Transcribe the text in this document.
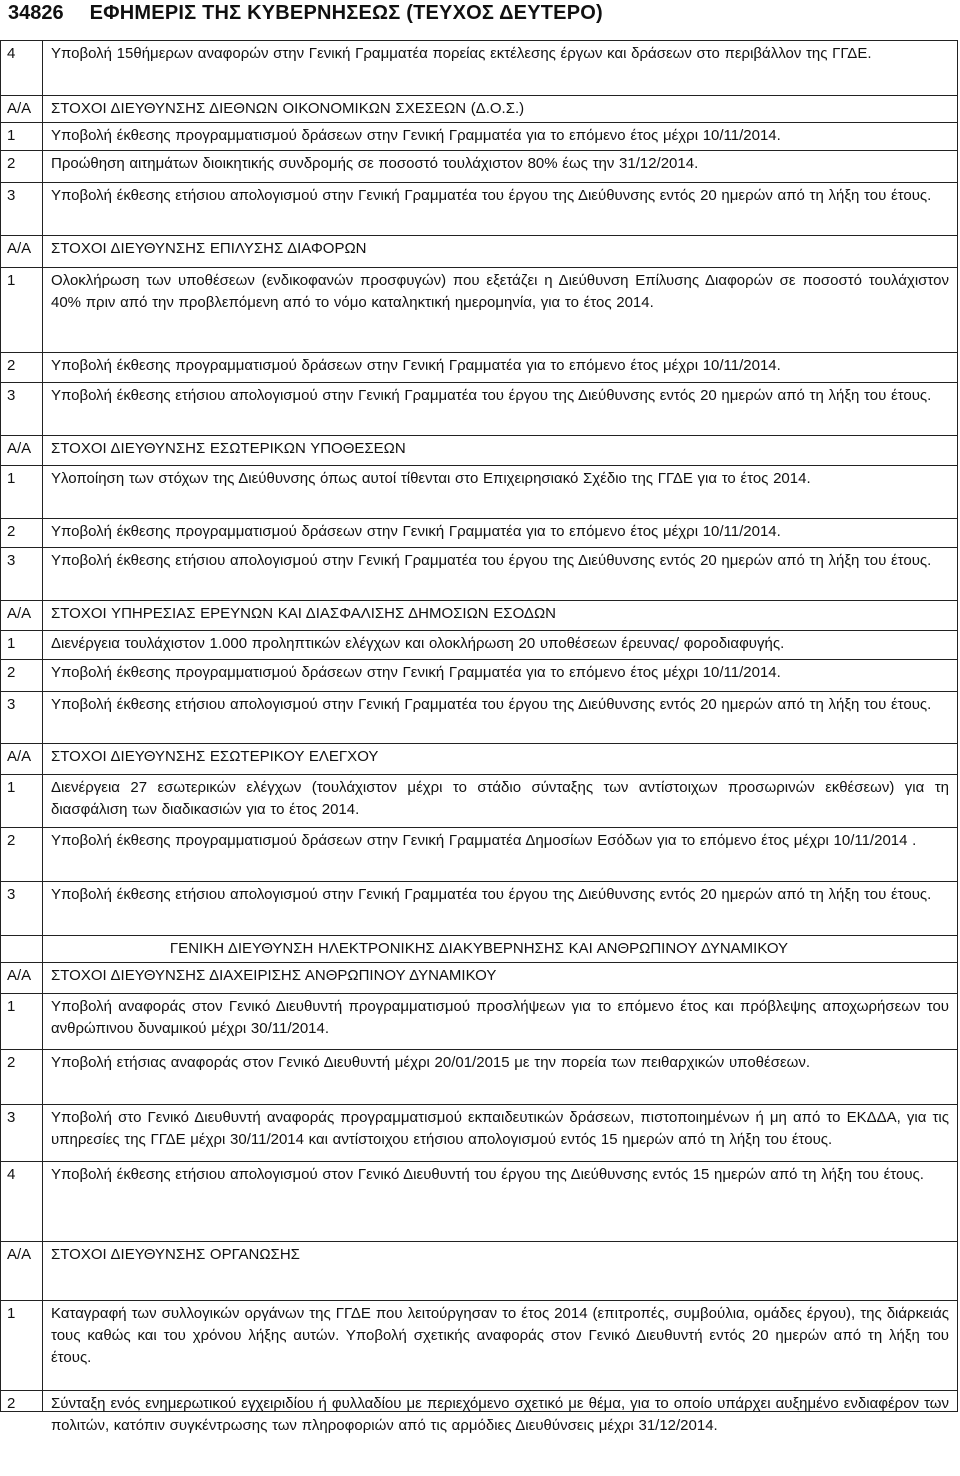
34826 ΕΦΗΜΕΡΙΣ ΤΗΣ ΚΥΒΕΡΝΗΣΕΩΣ (ΤΕΥΧΟΣ ΔΕΥΤΕΡΟ)
4	Υποβολή 15θήμερων αναφορών στην Γενική Γραμματέα πορείας εκτέλεσης έργων και δράσεων στο περιβάλλον της ΓΓΔΕ.
Α/Α	ΣΤΟΧΟΙ ΔΙΕΥΘΥΝΣΗΣ ΔΙΕΘΝΩΝ ΟΙΚΟΝΟΜΙΚΩΝ ΣΧΕΣΕΩΝ (Δ.Ο.Σ.)
1	Υποβολή έκθεσης προγραμματισμού δράσεων στην Γενική Γραμματέα για το επόμενο έτος μέχρι 10/11/2014.
2	Προώθηση αιτημάτων διοικητικής συνδρομής σε ποσοστό τουλάχιστον 80% έως την 31/12/2014.
3	Υποβολή έκθεσης ετήσιου απολογισμού στην Γενική Γραμματέα του έργου της Διεύθυνσης εντός 20 ημερών από τη λήξη του έτους.
Α/Α	ΣΤΟΧΟΙ ΔΙΕΥΘΥΝΣΗΣ ΕΠΙΛΥΣΗΣ ΔΙΑΦΟΡΩΝ
1	Ολοκλήρωση των υποθέσεων (ενδικοφανών προσφυγών) που εξετάζει η Διεύθυνση Επίλυσης Διαφορών σε ποσοστό τουλάχιστον 40% πριν από την προβλεπόμενη από το νόμο καταληκτική ημερομηνία, για το έτος 2014.
2	Υποβολή έκθεσης προγραμματισμού δράσεων στην Γενική Γραμματέα για το επόμενο έτος μέχρι 10/11/2014.
3	Υποβολή έκθεσης ετήσιου απολογισμού στην Γενική Γραμματέα του έργου της Διεύθυνσης εντός 20 ημερών από τη λήξη του έτους.
Α/Α	ΣΤΟΧΟΙ ΔΙΕΥΘΥΝΣΗΣ ΕΣΩΤΕΡΙΚΩΝ ΥΠΟΘΕΣΕΩΝ
1	Υλοποίηση των στόχων της Διεύθυνσης όπως αυτοί τίθενται στο Επιχειρησιακό Σχέδιο της ΓΓΔΕ για το έτος 2014.
2	Υποβολή έκθεσης προγραμματισμού δράσεων στην Γενική Γραμματέα για το επόμενο έτος μέχρι 10/11/2014.
3	Υποβολή έκθεσης ετήσιου απολογισμού στην Γενική Γραμματέα του έργου της Διεύθυνσης εντός 20 ημερών από τη λήξη του έτους.
Α/Α	ΣΤΟΧΟΙ ΥΠΗΡΕΣΙΑΣ ΕΡΕΥΝΩΝ ΚΑΙ ΔΙΑΣΦΑΛΙΣΗΣ ΔΗΜΟΣΙΩΝ ΕΣΟΔΩΝ
1	Διενέργεια τουλάχιστον 1.000 προληπτικών ελέγχων και ολοκλήρωση 20 υποθέσεων έρευνας/ φοροδιαφυγής.
2	Υποβολή έκθεσης προγραμματισμού δράσεων στην Γενική Γραμματέα για το επόμενο έτος μέχρι 10/11/2014.
3	Υποβολή έκθεσης ετήσιου απολογισμού στην Γενική Γραμματέα του έργου της Διεύθυνσης εντός 20 ημερών από τη λήξη του έτους.
Α/Α	ΣΤΟΧΟΙ ΔΙΕΥΘΥΝΣΗΣ ΕΣΩΤΕΡΙΚΟΥ ΕΛΕΓΧΟΥ
1	Διενέργεια 27 εσωτερικών ελέγχων (τουλάχιστον μέχρι το στάδιο σύνταξης των αντίστοιχων προσωρινών εκθέσεων) για τη διασφάλιση των διαδικασιών για το έτος 2014.
2	Υποβολή έκθεσης προγραμματισμού δράσεων στην Γενική Γραμματέα Δημοσίων Εσόδων για το επόμενο έτος μέχρι 10/11/2014 .
3	Υποβολή έκθεσης ετήσιου απολογισμού στην Γενική Γραμματέα του έργου της Διεύθυνσης εντός 20 ημερών από τη λήξη του έτους.
ΓΕΝΙΚΗ ΔΙΕΥΘΥΝΣΗ ΗΛΕΚΤΡΟΝΙΚΗΣ ΔΙΑΚΥΒΕΡΝΗΣΗΣ ΚΑΙ ΑΝΘΡΩΠΙΝΟΥ ΔΥΝΑΜΙΚΟΥ
Α/Α	ΣΤΟΧΟΙ ΔΙΕΥΘΥΝΣΗΣ ΔΙΑΧΕΙΡΙΣΗΣ ΑΝΘΡΩΠΙΝΟΥ ΔΥΝΑΜΙΚΟΥ
1	Υποβολή αναφοράς στον Γενικό Διευθυντή προγραμματισμού προσλήψεων για το επόμενο έτος και πρόβλεψης αποχωρήσεων του ανθρώπινου δυναμικού μέχρι 30/11/2014.
2	Υποβολή ετήσιας αναφοράς στον Γενικό Διευθυντή μέχρι 20/01/2015 με την πορεία των πειθαρχικών υποθέσεων.
3	Υποβολή στο Γενικό Διευθυντή αναφοράς προγραμματισμού εκπαιδευτικών δράσεων, πιστοποιημένων ή μη από το ΕΚΔΔΑ, για τις υπηρεσίες της ΓΓΔΕ μέχρι 30/11/2014 και αντίστοιχου ετήσιου απολογισμού εντός 15 ημερών από τη λήξη του έτους.
4	Υποβολή έκθεσης ετήσιου απολογισμού στον Γενικό Διευθυντή του έργου της Διεύθυνσης εντός 15 ημερών από τη λήξη του έτους.
Α/Α	ΣΤΟΧΟΙ ΔΙΕΥΘΥΝΣΗΣ ΟΡΓΑΝΩΣΗΣ
1	Καταγραφή των συλλογικών οργάνων της ΓΓΔΕ που λειτούργησαν το έτος 2014 (επιτροπές, συμβούλια, ομάδες έργου), της διάρκειάς τους καθώς και του χρόνου λήξης αυτών. Υποβολή σχετικής αναφοράς στον Γενικό Διευθυντή εντός 20 ημερών από τη λήξη του έτους.
2	Σύνταξη ενός ενημερωτικού εγχειριδίου ή φυλλαδίου με περιεχόμενο σχετικό με θέμα, για το οποίο υπάρχει αυξημένο ενδιαφέρον των πολιτών, κατόπιν συγκέντρωσης των πληροφοριών από τις αρμόδιες Διευθύνσεις μέχρι 31/12/2014.
